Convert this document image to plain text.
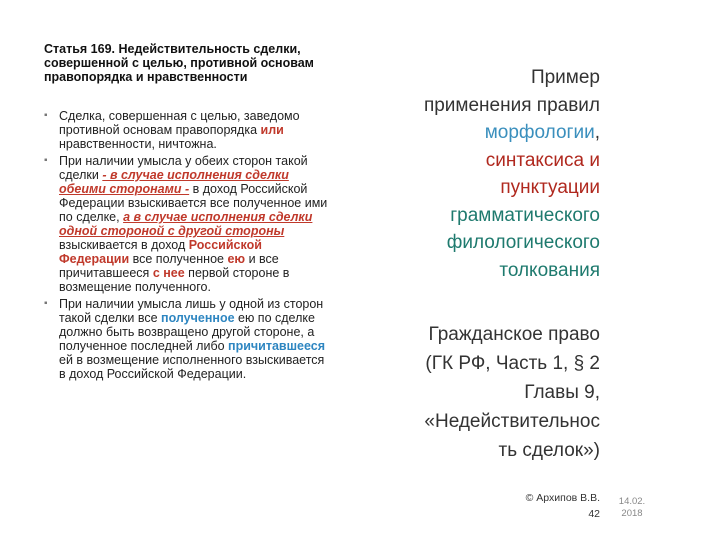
Статья 169. Недействительность сделки, совершенной с целью, противной основам правопорядка и нравственности
▪ Сделка, совершенная с целью, заведомо противной основам правопорядка или нравственности, ничтожна.
▪ При наличии умысла у обеих сторон такой сделки - в случае исполнения сделки обеими сторонами - в доход Российской Федерации взыскивается все полученное ими по сделке, а в случае исполнения сделки одной стороной с другой стороны взыскивается в доход Российской Федерации все полученное ею и все причитавшееся с нее первой стороне в возмещение полученного.
▪ При наличии умысла лишь у одной из сторон такой сделки все полученное ею по сделке должно быть возвращено другой стороне, а полученное последней либо причитавшееся ей в возмещение исполненного взыскивается в доход Российской Федерации.
Пример
применения правил
морфологии,
синтаксиса и
пунктуации
грамматического
филологического
толкования
Гражданское право
(ГК РФ, Часть 1, § 2
Главы 9,
«Недействительнос
ть сделок»)
© Архипов В.В.
42
14.02.
2018
